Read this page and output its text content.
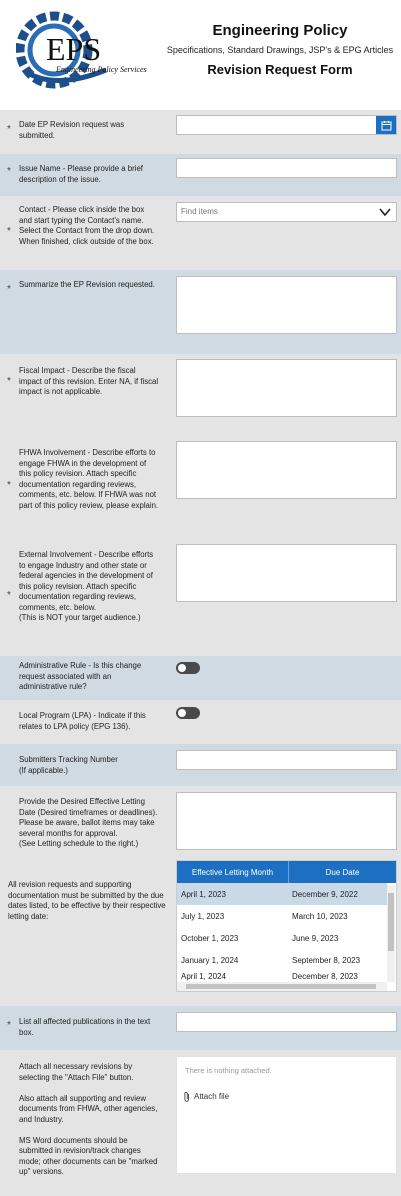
EPS
Engineering Policy Services
Engineering Policy
Specifications, Standard Drawings, JSP's & EPG Articles
Revision Request Form
* Date EP Revision request was submitted.
* Issue Name - Please provide a brief description of the issue.
*
Contact - Please click inside the box and start typing the Contact's name. Select the Contact from the drop down. When finished, click outside of the box.
Find items
* Summarize the EP Revision requested.
*
Fiscal Impact - Describe the fiscal impact of this revision. Enter NA, if fiscal impact is not applicable.
*
FHWA Involvement - Describe efforts to engage FHWA in the development of this policy revision. Attach specific documentation regarding reviews, comments, etc. below. If FHWA was not part of this policy review, please explain.
*
External Involvement - Describe efforts to engage Industry and other state or federal agencies in the development of this policy revision. Attach specific documentation regarding reviews, comments, etc. below.
(This is NOT your target audience.)
Administrative Rule - Is this change request associated with an administrative rule?
Local Program (LPA) - Indicate if this relates to LPA policy (EPG 136).
Submitters Tracking Number
(If applicable.)
Provide the Desired Effective Letting Date (Desired timeframes or deadlines). Please be aware, ballot items may take several months for approval.
(See Letting schedule to the right.)
All revision requests and supporting documentation must be submitted by the due dates listed, to be effective by their respective letting date:
Effective Letting Month	Due Date
April 1, 2023	December 9, 2022
July 1, 2023	March 10, 2023
October 1, 2023	June 9, 2023
January 1, 2024	September 8, 2023
April 1, 2024	December 8, 2023
* List all affected publications in the text box.
Attach all necessary revisions by selecting the "Attach File" button.

Also attach all supporting and review documents from FHWA, other agencies, and Industry.

MS Word documents should be submitted in revision/track changes mode; other documents can be "marked up" versions.
There is nothing attached.
Attach file
